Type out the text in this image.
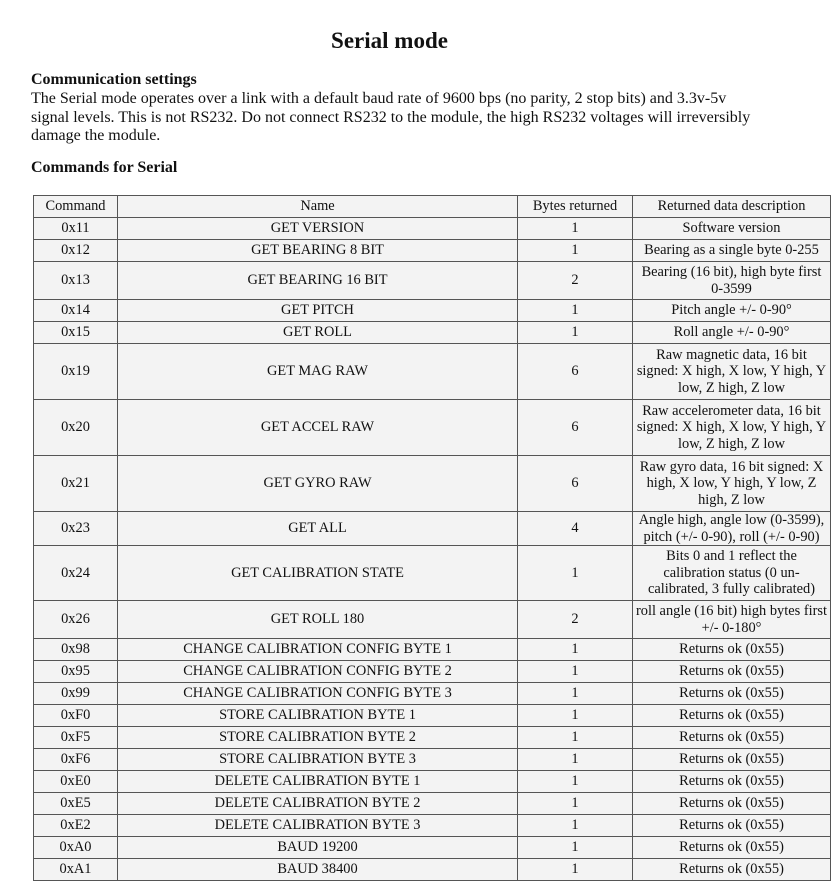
Serial mode
Communication settings

The Serial mode operates over a link with a default baud rate of 9600 bps (no parity, 2 stop bits) and 3.3v-5v signal levels. This is not RS232. Do not connect RS232 to the module, the high RS232 voltages will irreversibly damage the module.

Commands for Serial
Command	Name	Bytes returned	Returned data description
0x11	GET VERSION	1	Software version
0x12	GET BEARING 8 BIT	1	Bearing as a single byte 0-255
0x13	GET BEARING 16 BIT	2	Bearing (16 bit), high byte first 0-3599
0x14	GET PITCH	1	Pitch angle +/- 0-90°
0x15	GET ROLL	1	Roll angle +/- 0-90°
0x19	GET MAG RAW	6	Raw magnetic data, 16 bit signed: X high, X low, Y high, Y low, Z high, Z low
0x20	GET ACCEL RAW	6	Raw accelerometer data, 16 bit signed: X high, X low, Y high, Y low, Z high, Z low
0x21	GET GYRO RAW	6	Raw gyro data, 16 bit signed: X high, X low, Y high, Y low, Z high, Z low
0x23	GET ALL	4	Angle high, angle low (0-3599), pitch (+/- 0-90), roll (+/- 0-90)
0x24	GET CALIBRATION STATE	1	Bits 0 and 1 reflect the calibration status (0 un-calibrated, 3 fully calibrated)
0x26	GET ROLL 180	2	roll angle (16 bit) high bytes first +/- 0-180°
0x98	CHANGE CALIBRATION CONFIG BYTE 1	1	Returns ok (0x55)
0x95	CHANGE CALIBRATION CONFIG BYTE 2	1	Returns ok (0x55)
0x99	CHANGE CALIBRATION CONFIG BYTE 3	1	Returns ok (0x55)
0xF0	STORE CALIBRATION BYTE 1	1	Returns ok (0x55)
0xF5	STORE CALIBRATION BYTE 2	1	Returns ok (0x55)
0xF6	STORE CALIBRATION BYTE 3	1	Returns ok (0x55)
0xE0	DELETE CALIBRATION BYTE 1	1	Returns ok (0x55)
0xE5	DELETE CALIBRATION BYTE 2	1	Returns ok (0x55)
0xE2	DELETE CALIBRATION BYTE 3	1	Returns ok (0x55)
0xA0	BAUD 19200	1	Returns ok (0x55)
0xA1	BAUD 38400	1	Returns ok (0x55)
